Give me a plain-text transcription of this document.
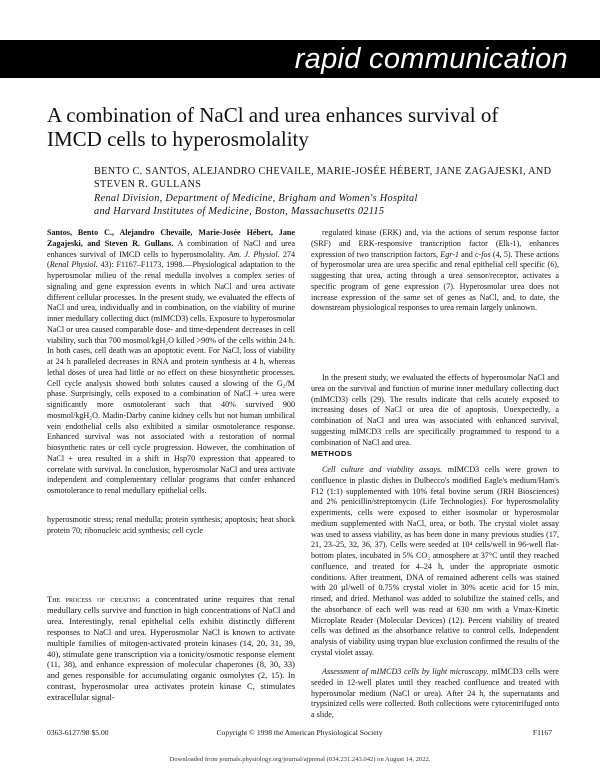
rapid communication
A combination of NaCl and urea enhances survival of IMCD cells to hyperosmolality
BENTO C. SANTOS, ALEJANDRO CHEVAILE, MARIE-JOSÉE HÉBERT, JANE ZAGAJESKI, AND STEVEN R. GULLANS
Renal Division, Department of Medicine, Brigham and Women's Hospital
and Harvard Institutes of Medicine, Boston, Massachusetts 02115
Santos, Bento C., Alejandro Chevaile, Marie-Josée Hébert, Jane Zagajeski, and Steven R. Gullans. A combination of NaCl and urea enhances survival of IMCD cells to hyperosmolality. Am. J. Physiol. 274 (Renal Physiol. 43): F1167–F1173, 1998.—Physiological adaptation to the hyperosmolar milieu of the renal medulla involves a complex series of signaling and gene expression events in which NaCl and urea activate different cellular processes. In the present study, we evaluated the effects of NaCl and urea, individually and in combination, on the viability of murine inner medullary collecting duct (mIMCD3) cells. Exposure to hyperosmolar NaCl or urea caused comparable dose- and time-dependent decreases in cell viability, such that 700 mosmol/kgH₂O killed >90% of the cells within 24 h. In both cases, cell death was an apoptotic event. For NaCl, loss of viability at 24 h paralleled decreases in RNA and protein synthesis at 4 h, whereas lethal doses of urea had little or no effect on these biosynthetic processes. Cell cycle analysis showed both solutes caused a slowing of the G₂/M phase. Surprisingly, cells exposed to a combination of NaCl + urea were significantly more osmotolerant such that 40% survived 900 mosmol/kgH₂O. Madin-Darby canine kidney cells but not human umbilical vein endothelial cells also exhibited a similar osmotolerance response. Enhanced survival was not associated with a restoration of normal biosynthetic rates or cell cycle progression. However, the combination of NaCl + urea resulted in a shift in Hsp70 expression that appeared to correlate with survival. In conclusion, hyperosmolar NaCl and urea activate independent and complementary cellular programs that confer enhanced osmotolerance to renal medullary epithelial cells.
hyperosmotic stress; renal medulla; protein synthesis; apoptosis; heat shock protein 70; ribonucleic acid synthesis; cell cycle
The process of creating a concentrated urine requires that renal medullary cells survive and function in high concentrations of NaCl and urea. Interestingly, renal epithelial cells exhibit distinctly different responses to NaCl and urea. Hyperosmolar NaCl is known to activate multiple families of mitogen-activated protein kinases (14, 20, 31, 39, 40), stimulate gene transcription via a tonicity/osmotic response element (11, 38), and enhance expression of molecular chaperones (8, 30, 33) and genes responsible for accumulating organic osmolytes (2, 15). In contrast, hyperosmolar urea activates protein kinase C, stimulates extracellular signal-
regulated kinase (ERK) and, via the actions of serum response factor (SRF) and ERK-responsive transcription factor (Elk-1), enhances expression of two transcription factors, Egr-1 and c-fos (4, 5). These actions of hyperosmolar urea are urea specific and renal epithelial cell specific (6), suggesting that urea, acting through a urea sensor/receptor, activates a specific program of gene expression (7). Hyperosmolar urea does not increase expression of the same set of genes as NaCl, and, to date, the downstream physiological responses to urea remain largely unknown.
In the present study, we evaluated the effects of hyperosmolar NaCl and urea on the survival and function of murine inner medullary collecting duct (mIMCD3) cells (29). The results indicate that cells acutely exposed to increasing doses of NaCl or urea die of apoptosis. Unexpectedly, a combination of NaCl and urea was associated with enhanced survival, suggesting mIMCD3 cells are specifically programmed to respond to a combination of NaCl and urea.
METHODS
Cell culture and viability assays. mIMCD3 cells were grown to confluence in plastic dishes in Dulbecco's modified Eagle's medium/Ham's F12 (1:1) supplemented with 10% fetal bovine serum (JRH Biosciences) and 2% penicillin/streptomycin (Life Technologies). For hyperosmolality experiments, cells were exposed to either isosmolar or hyperosmolar medium supplemented with NaCl, urea, or both. The crystal violet assay was used to assess viability, as has been done in many previous studies (17, 21, 23–25, 32, 36, 37). Cells were seeded at 10⁴ cells/well in 96-well flat-bottom plates, incubated in 5% CO₂ atmosphere at 37°C until they reached confluence, and treated for 4–24 h, under the appropriate osmotic conditions. After treatment, DNA of remained adherent cells was stained with 20 µl/well of 0.75% crystal violet in 30% acetic acid for 15 min, rinsed, and dried. Methanol was added to solubilize the stained cells, and the absorbance of each well was read at 630 nm with a Vmax-Kinetic Microplate Reader (Molecular Devices) (12). Percent viability of treated cells was defined as the absorbance relative to control cells. Independent analysis of viability using trypan blue exclusion confirmed the results of the crystal violet assay.
Assessment of mIMCD3 cells by light microscopy. mIMCD3 cells were seeded in 12-well plates until they reached confluence and treated with hyperosmolar medium (NaCl or urea). After 24 h, the supernatants and trypsinized cells were collected. Both collections were cytocentrifuged onto a slide,
0363-6127/98 $5.00	Copyright © 1998 the American Physiological Society	F1167
Downloaded from journals.physiology.org/journal/ajprenal (034.231.243.042) on August 14, 2022.
